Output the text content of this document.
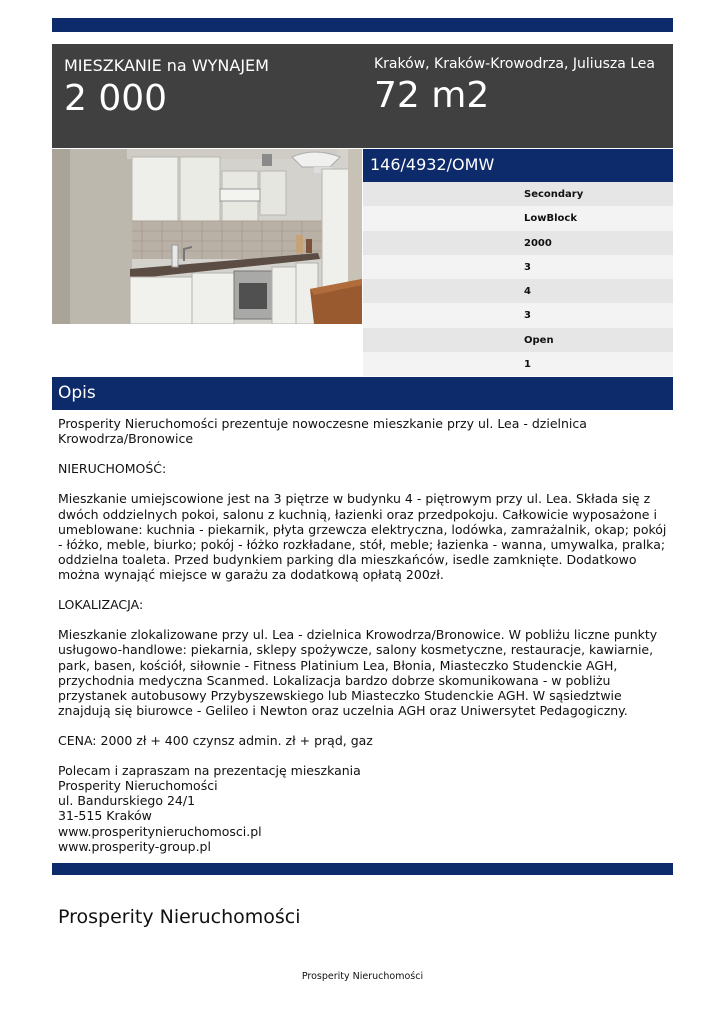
MIESZKANIE na WYNAJEM
2 000
Kraków, Kraków-Krowodrza, Juliusza Lea
72 m2
146/4932/OMW
Secondary
LowBlock
2000
3
4
3
Open
1
Opis
Prosperity Nieruchomości prezentuje nowoczesne mieszkanie przy ul. Lea - dzielnica Krowodrza/Bronowice
NIERUCHOMOŚĆ:
Mieszkanie umiejscowione jest na 3 piętrze w budynku 4 - piętrowym przy ul. Lea. Składa się z dwóch oddzielnych pokoi, salonu z kuchnią, łazienki oraz przedpokoju. Całkowicie wyposażone i umeblowane: kuchnia - piekarnik, płyta grzewcza elektryczna, lodówka, zamrażalnik, okap; pokój - łóżko, meble, biurko; pokój - łóżko rozkładane, stół, meble; łazienka - wanna, umywalka, pralka; oddzielna toaleta. Przed budynkiem parking dla mieszkańców, isedle zamknięte. Dodatkowo można wynająć miejsce w garażu za dodatkową opłatą 200zł.
LOKALIZACJA:
Mieszkanie zlokalizowane przy ul. Lea - dzielnica Krowodrza/Bronowice. W pobliżu liczne punkty usługowo-handlowe: piekarnia, sklepy spożywcze, salony kosmetyczne, restauracje, kawiarnie, park, basen, kościół, siłownie - Fitness Platinium Lea, Błonia, Miasteczko Studenckie AGH, przychodnia medyczna Scanmed. Lokalizacja bardzo dobrze skomunikowana - w pobliżu przystanek autobusowy Przybyszewskiego lub Miasteczko Studenckie AGH. W sąsiedztwie znajdują się biurowce - Gelileo i Newton oraz uczelnia AGH oraz Uniwersytet Pedagogiczny.
CENA: 2000 zł + 400 czynsz admin. zł + prąd, gaz
Polecam i zapraszam na prezentację mieszkania
Prosperity Nieruchomości
ul. Bandurskiego 24/1
31-515 Kraków
www.prosperitynieruchomosci.pl
www.prosperity-group.pl
Prosperity Nieruchomości
Prosperity Nieruchomości
